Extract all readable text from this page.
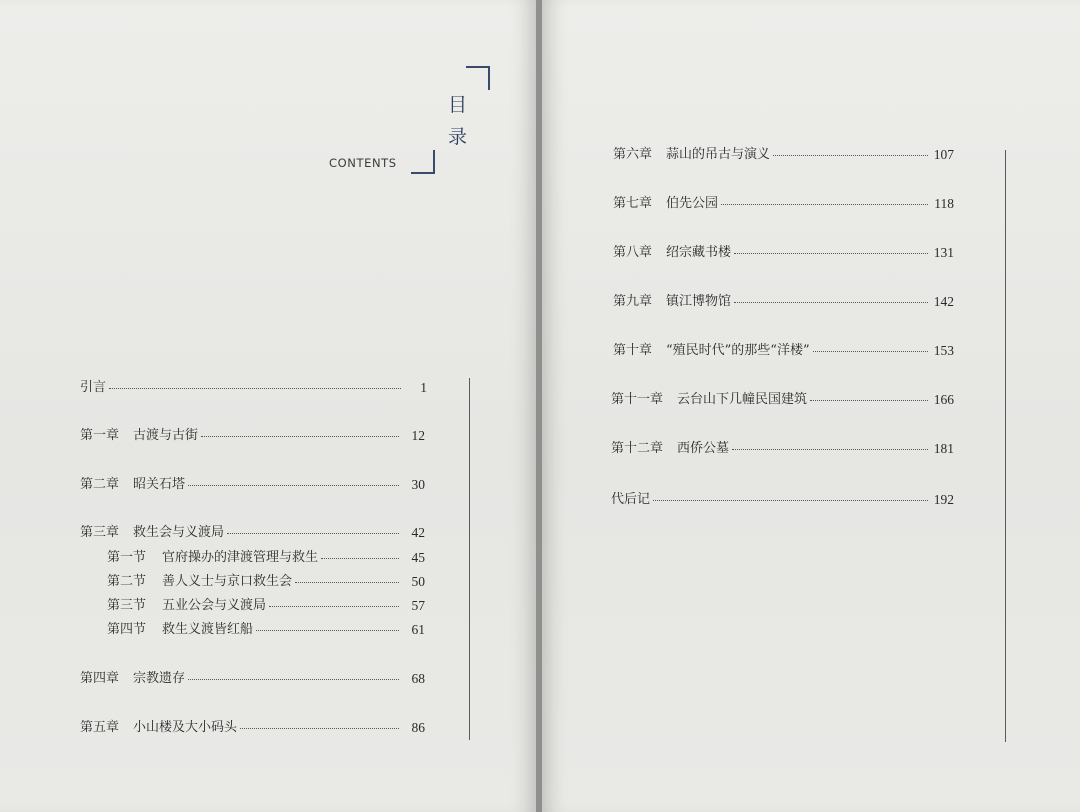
目
录
CONTENTS
引言	1
第一章 古渡与古街	12
第二章 昭关石塔	30
第三章 救生会与义渡局	42
第一节 官府操办的津渡管理与救生	45
第二节 善人义士与京口救生会	50
第三节 五业公会与义渡局	57
第四节 救生义渡皆红船	61
第四章 宗教遗存	68
第五章 小山楼及大小码头	86
第六章 蒜山的吊古与演义	107
第七章 伯先公园	118
第八章 绍宗藏书楼	131
第九章 镇江博物馆	142
第十章 “殖民时代”的那些“洋楼”	153
第十一章 云台山下几幢民国建筑	166
第十二章 西侨公墓	181
代后记	192
